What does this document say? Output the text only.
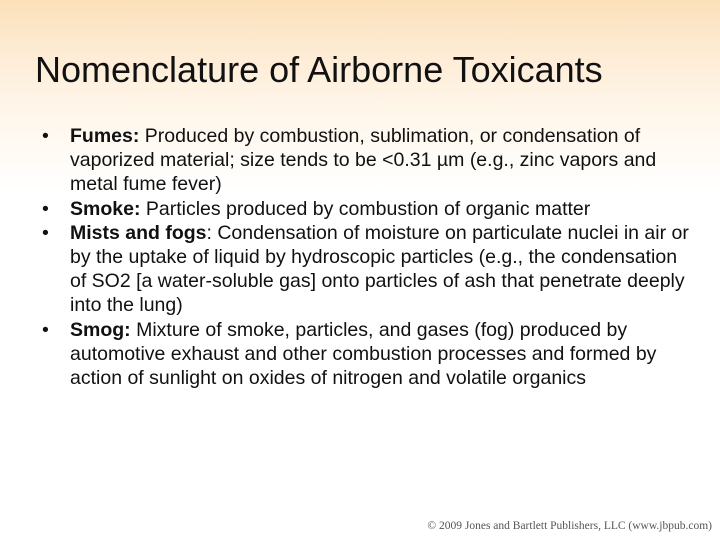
Nomenclature of Airborne Toxicants
• Fumes: Produced by combustion, sublimation, or condensation of vaporized material; size tends to be <0.31 µm (e.g., zinc vapors and metal fume fever)
• Smoke: Particles produced by combustion of organic matter
• Mists and fogs: Condensation of moisture on particulate nuclei in air or by the uptake of liquid by hydroscopic particles (e.g., the condensation of SO2 [a water-soluble gas] onto particles of ash that penetrate deeply into the lung)
• Smog: Mixture of smoke, particles, and gases (fog) produced by automotive exhaust and other combustion processes and formed by action of sunlight on oxides of nitrogen and volatile organics
© 2009 Jones and Bartlett Publishers, LLC (www.jbpub.com)
